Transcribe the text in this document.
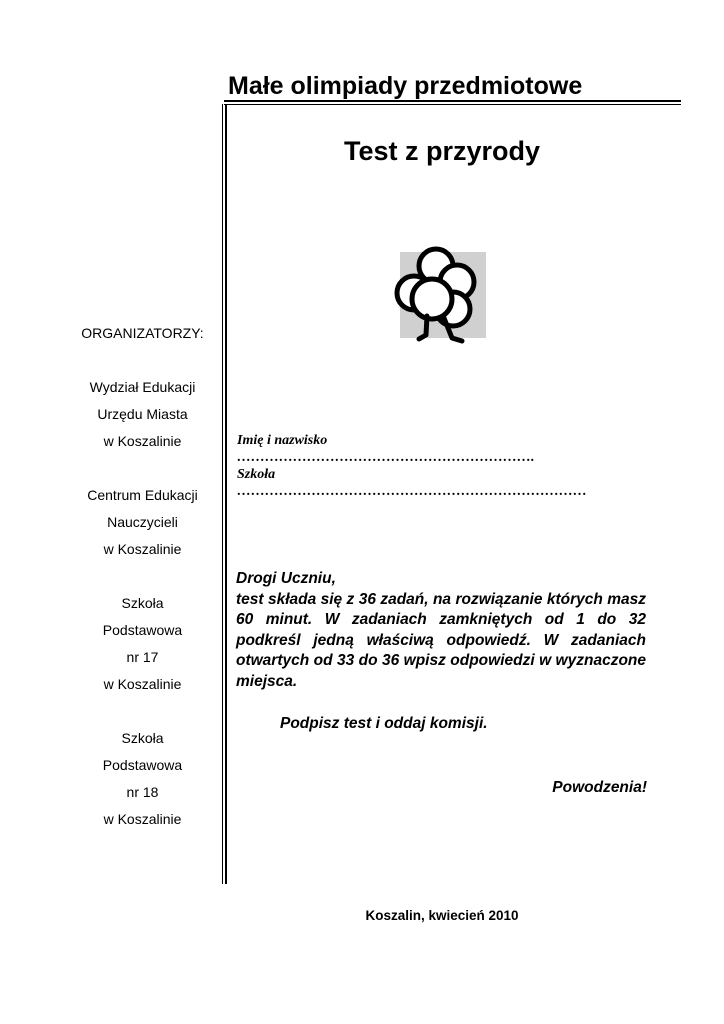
Małe olimpiady przedmiotowe
Test z przyrody
ORGANIZATORZY:
Wydział Edukacji
Urzędu Miasta
w Koszalinie
Centrum Edukacji
Nauczycieli
w Koszalinie
Szkoła
Podstawowa
nr 17
w Koszalinie
Szkoła
Podstawowa
nr 18
w Koszalinie
Imię i nazwisko
……………………………………………………….
Szkoła
…………………………………………………………………

Drogi Uczniu,

test składa się z 36 zadań, na rozwiązanie których masz 60 minut. W zadaniach zamkniętych od 1 do 32 podkreśl jedną właściwą odpowiedź. W zadaniach otwartych od 33 do 36 wpisz odpowiedzi w wyznaczone miejsca.

Podpisz test i oddaj komisji.
Powodzenia!
Koszalin, kwiecień 2010
